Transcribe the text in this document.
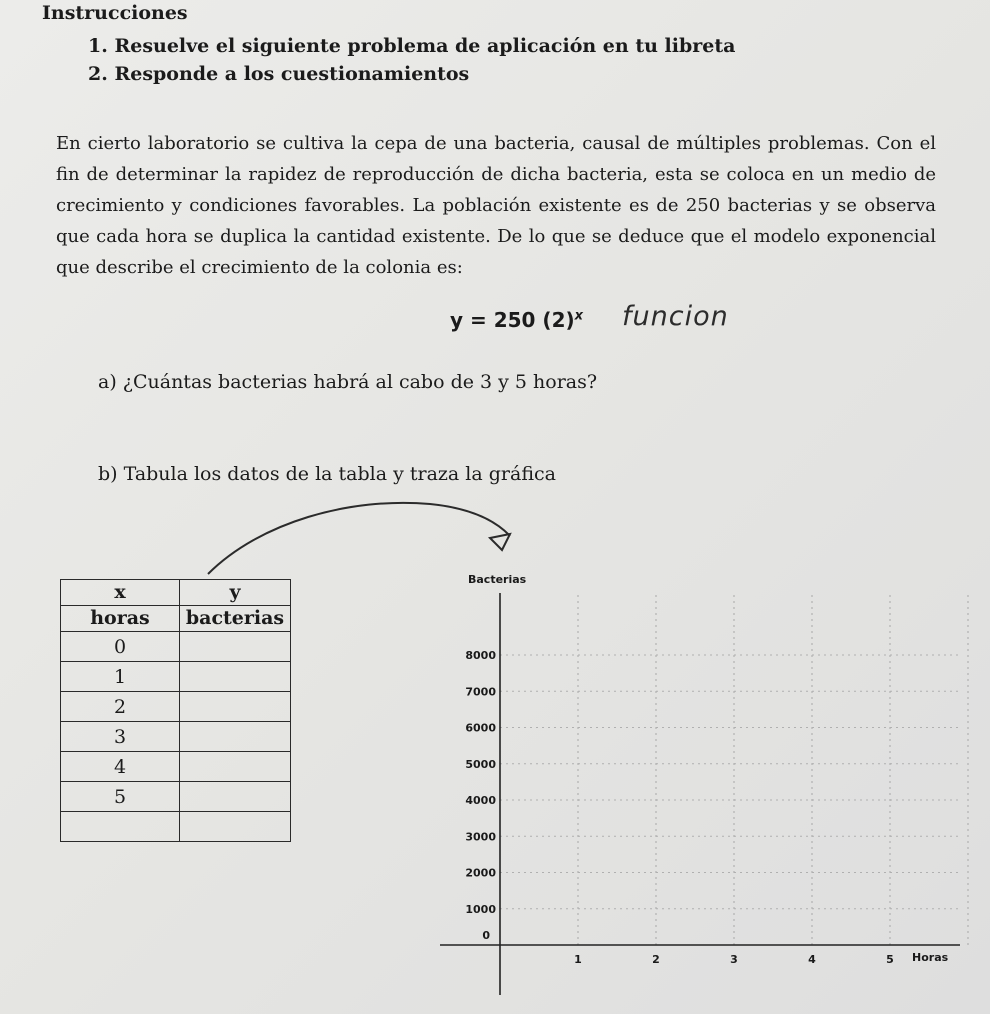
Instrucciones
1. Resuelve el siguiente problema de aplicación en tu libreta
2. Responde a los cuestionamientos
En cierto laboratorio se cultiva la cepa de una bacteria, causal de múltiples problemas. Con el fin de determinar la rapidez de reproducción de dicha bacteria, esta se coloca en un medio de crecimiento y condiciones favorables. La población existente es de 250 bacterias y se observa que cada hora se duplica la cantidad existente. De lo que se deduce que el modelo exponencial que describe el crecimiento de la colonia es:
y = 250 $(2)^x$ funcion
a) ¿Cuántas bacterias habrá al cabo de 3 y 5 horas?
b) Tabula los datos de la tabla y traza la gráfica
x	y
horas	bacterias
0	
1	
2	
3	
4	
5	

Bacterias
Horas
0
1000
2000
3000
4000
5000
6000
7000
8000
1	2	3	4	5
